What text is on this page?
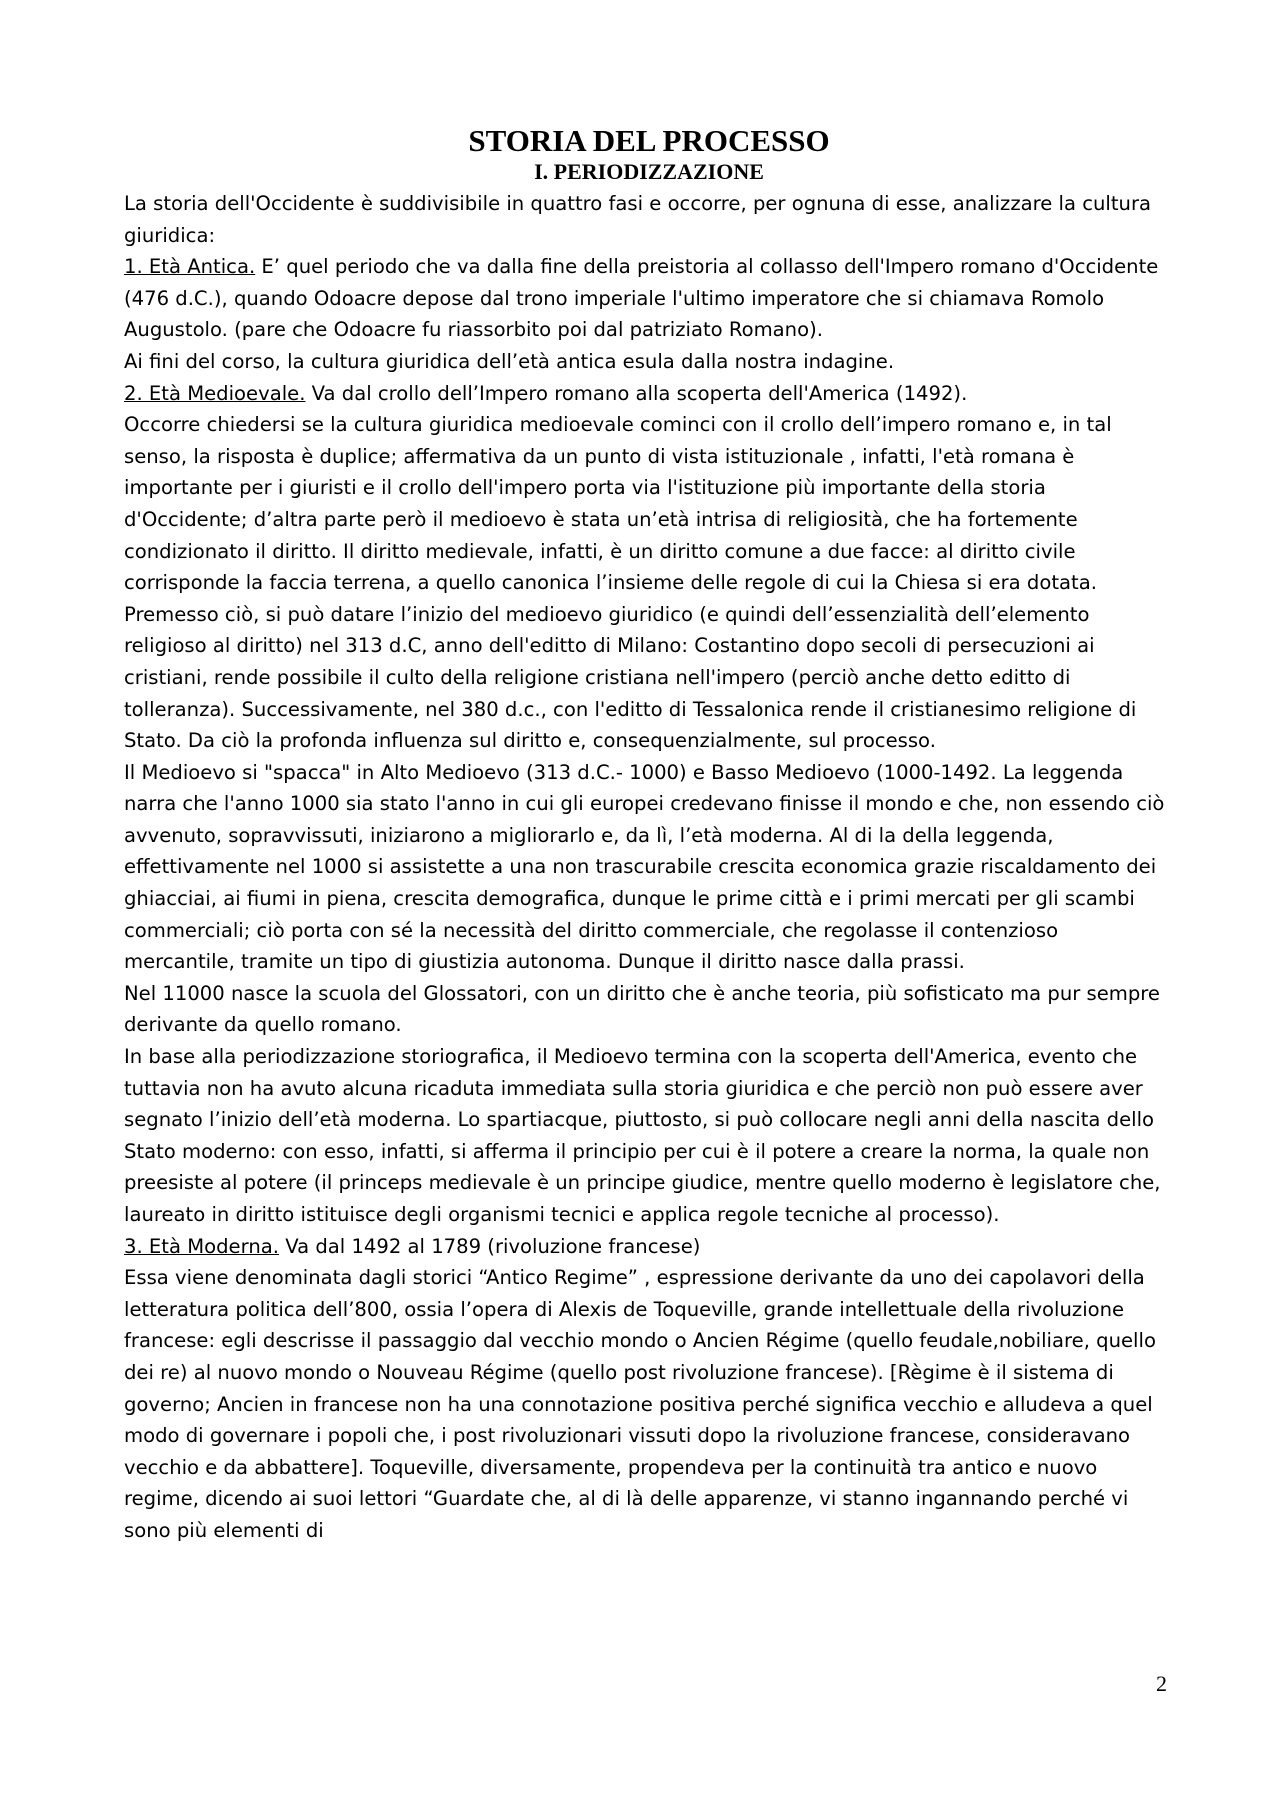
STORIA DEL PROCESSO
I. PERIODIZZAZIONE

La storia dell'Occidente è suddivisibile in quattro fasi e occorre, per ognuna di esse, analizzare la cultura giuridica:

1. Età Antica. E’ quel periodo che va dalla fine della preistoria al collasso dell'Impero romano d'Occidente (476 d.C.), quando Odoacre depose dal trono imperiale l'ultimo imperatore che si chiamava Romolo Augustolo. (pare che Odoacre fu riassorbito poi dal patriziato Romano).

Ai fini del corso, la cultura giuridica dell’età antica esula dalla nostra indagine.

2. Età Medioevale. Va dal crollo dell’Impero romano alla scoperta dell'America (1492).

Occorre chiedersi se la cultura giuridica medioevale cominci con il crollo dell’impero romano e, in tal senso, la risposta è duplice; affermativa da un punto di vista istituzionale , infatti, l'età romana è importante per i giuristi e il crollo dell'impero porta via l'istituzione più importante della storia d'Occidente; d’altra parte però il medioevo è stata un’età intrisa di religiosità, che ha fortemente condizionato il diritto. Il diritto medievale, infatti, è un diritto comune a due facce: al diritto civile corrisponde la faccia terrena, a quello canonica l’insieme delle regole di cui la Chiesa si era dotata. Premesso ciò, si può datare l’inizio del medioevo giuridico (e quindi dell’essenzialità dell’elemento religioso al diritto) nel 313 d.C, anno dell'editto di Milano: Costantino dopo secoli di persecuzioni ai cristiani, rende possibile il culto della religione cristiana nell'impero (perciò anche detto editto di tolleranza). Successivamente, nel 380 d.c., con l'editto di Tessalonica rende il cristianesimo religione di Stato. Da ciò la profonda influenza sul diritto e, consequenzialmente, sul processo.

Il Medioevo si "spacca" in Alto Medioevo (313 d.C.- 1000) e Basso Medioevo (1000-1492. La leggenda narra che l'anno 1000 sia stato l'anno in cui gli europei credevano finisse il mondo e che, non essendo ciò avvenuto, sopravvissuti, iniziarono a migliorarlo e, da lì, l’età moderna. Al di la della leggenda, effettivamente nel 1000 si assistette a una non trascurabile crescita economica grazie riscaldamento dei ghiacciai, ai fiumi in piena, crescita demografica, dunque le prime città e i primi mercati per gli scambi commerciali; ciò porta con sé la necessità del diritto commerciale, che regolasse il contenzioso mercantile, tramite un tipo di giustizia autonoma. Dunque il diritto nasce dalla prassi.

Nel 11000 nasce la scuola del Glossatori, con un diritto che è anche teoria, più sofisticato ma pur sempre derivante da quello romano.

In base alla periodizzazione storiografica, il Medioevo termina con la scoperta dell'America, evento che tuttavia non ha avuto alcuna ricaduta immediata sulla storia giuridica e che perciò non può essere aver segnato l’inizio dell’età moderna. Lo spartiacque, piuttosto, si può collocare negli anni della nascita dello Stato moderno: con esso, infatti, si afferma il principio per cui è il potere a creare la norma, la quale non preesiste al potere (il princeps medievale è un principe giudice, mentre quello moderno è legislatore che, laureato in diritto istituisce degli organismi tecnici e applica regole tecniche al processo).

3. Età Moderna. Va dal 1492 al 1789 (rivoluzione francese)

Essa viene denominata dagli storici “Antico Regime” , espressione derivante da uno dei capolavori della letteratura politica dell’800, ossia l’opera di Alexis de Toqueville, grande intellettuale della rivoluzione francese: egli descrisse il passaggio dal vecchio mondo o Ancien Régime (quello feudale,nobiliare, quello dei re) al nuovo mondo o Nouveau Régime (quello post rivoluzione francese). [Règime è il sistema di governo; Ancien in francese non ha una connotazione positiva perché significa vecchio e alludeva a quel modo di governare i popoli che, i post rivoluzionari vissuti dopo la rivoluzione francese, consideravano vecchio e da abbattere]. Toqueville, diversamente, propendeva per la continuità tra antico e nuovo regime, dicendo ai suoi lettori “Guardate che, al di là delle apparenze, vi stanno ingannando perché vi sono più elementi di

2
